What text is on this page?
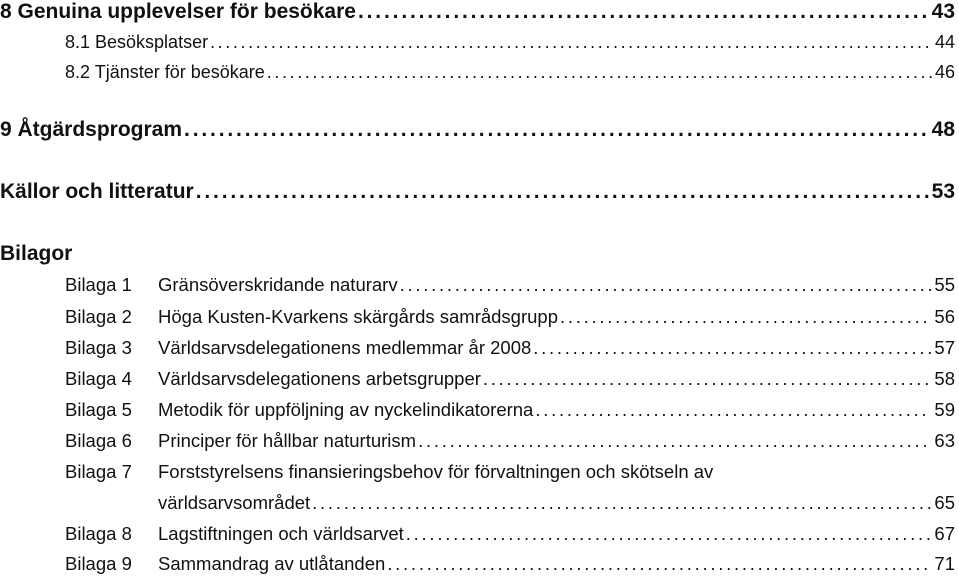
8 Genuina upplevelser för besökare . . .	43
8.1 Besöksplatser . . .	44
8.2 Tjänster för besökare . . .	46
9 Åtgärdsprogram . . .	48
Källor och litteratur . . .	53
Bilagor
Bilaga 1 Gränsöverskridande naturarv . . .	55
Bilaga 2 Höga Kusten-Kvarkens skärgårds samrådsgrupp . . .	56
Bilaga 3 Världsarvsdelegationens medlemmar år 2008 . . .	57
Bilaga 4 Världsarvsdelegationens arbetsgrupper . . .	58
Bilaga 5 Metodik för uppföljning av nyckelindikatorerna . . .	59
Bilaga 6 Principer för hållbar naturturism . . .	63
Bilaga 7 Forststyrelsens finansieringsbehov för förvaltningen och skötseln av
världsarvsområdet . . .	65
Bilaga 8 Lagstiftningen och världsarvet . . .	67
Bilaga 9 Sammandrag av utlåtanden . . .	71
